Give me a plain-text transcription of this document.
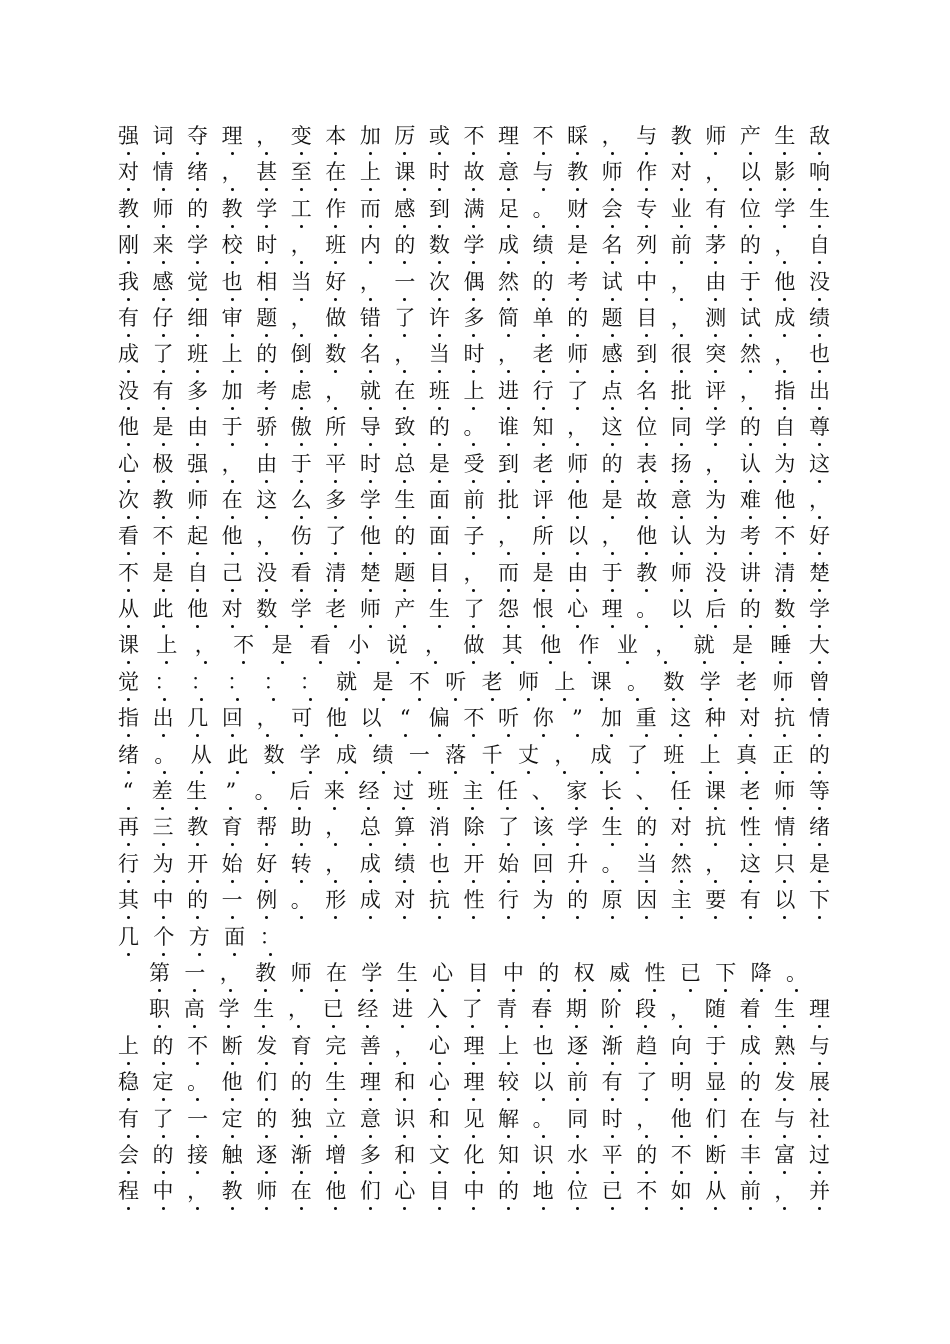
强 词 夺 理 ， 变 本 加 厉 或 不 理 不 睬 ， 与 教 师 产 生 敌
对 情 绪 ， 甚 至 在 上 课 时 故 意 与 教 师 作 对 ， 以 影 响
教 师 的 教 学 工 作 而 感 到 满 足 。 财 会 专 业 有 位 学 生
刚 来 学 校 时 ， 班 内 的 数 学 成 绩 是 名 列 前 茅 的 ， 自
我 感 觉 也 相 当 好 ， 一 次 偶 然 的 考 试 中 ， 由 于 他 没
有 仔 细 审 题 ， 做 错 了 许 多 简 单 的 题 目 ， 测 试 成 绩
成 了 班 上 的 倒 数 名 ， 当 时 ， 老 师 感 到 很 突 然 ， 也
没 有 多 加 考 虑 ， 就 在 班 上 进 行 了 点 名 批 评 ， 指 出
他 是 由 于 骄 傲 所 导 致 的 。 谁 知 ， 这 位 同 学 的 自 尊
心 极 强 ， 由 于 平 时 总 是 受 到 老 师 的 表 扬 ， 认 为 这
次 教 师 在 这 么 多 学 生 面 前 批 评 他 是 故 意 为 难 他 ，
看 不 起 他 ， 伤 了 他 的 面 子 ， 所 以 ， 他 认 为 考 不 好
不 是 自 己 没 看 清 楚 题 目 ， 而 是 由 于 教 师 没 讲 清 楚
从 此 他 对 数 学 老 师 产 生 了 怨 恨 心 理 。 以 后 的 数 学
课 上 ， 不 是 看 小 说 ， 做 其 他 作 业 ， 就 是 睡 大
觉 ： ： ： ： ： 就 是 不 听 老 师 上 课 。 数 学 老 师 曾
指 出 几 回 ， 可 他 以 “ 偏 不 听 你 ” 加 重 这 种 对 抗 情
绪 。 从 此 数 学 成 绩 一 落 千 丈 ， 成 了 班 上 真 正 的
“ 差 生 ” 。 后 来 经 过 班 主 任 、 家 长 、 任 课 老 师 等
再 三 教 育 帮 助 ， 总 算 消 除 了 该 学 生 的 对 抗 性 情 绪
行 为 开 始 好 转 ， 成 绩 也 开 始 回 升 。 当 然 ， 这 只 是
其 中 的 一 例 。 形 成 对 抗 性 行 为 的 原 因 主 要 有 以 下
几 个 方 面 ：
第 一 ， 教 师 在 学 生 心 目 中 的 权 威 性 已 下 降 。
职 高 学 生 ， 已 经 进 入 了 青 春 期 阶 段 ， 随 着 生 理
上 的 不 断 发 育 完 善 ， 心 理 上 也 逐 渐 趋 向 于 成 熟 与
稳 定 。 他 们 的 生 理 和 心 理 较 以 前 有 了 明 显 的 发 展
有 了 一 定 的 独 立 意 识 和 见 解 。 同 时 ， 他 们 在 与 社
会 的 接 触 逐 渐 增 多 和 文 化 知 识 水 平 的 不 断 丰 富 过
程 中 ， 教 师 在 他 们 心 目 中 的 地 位 已 不 如 从 前 ， 并
